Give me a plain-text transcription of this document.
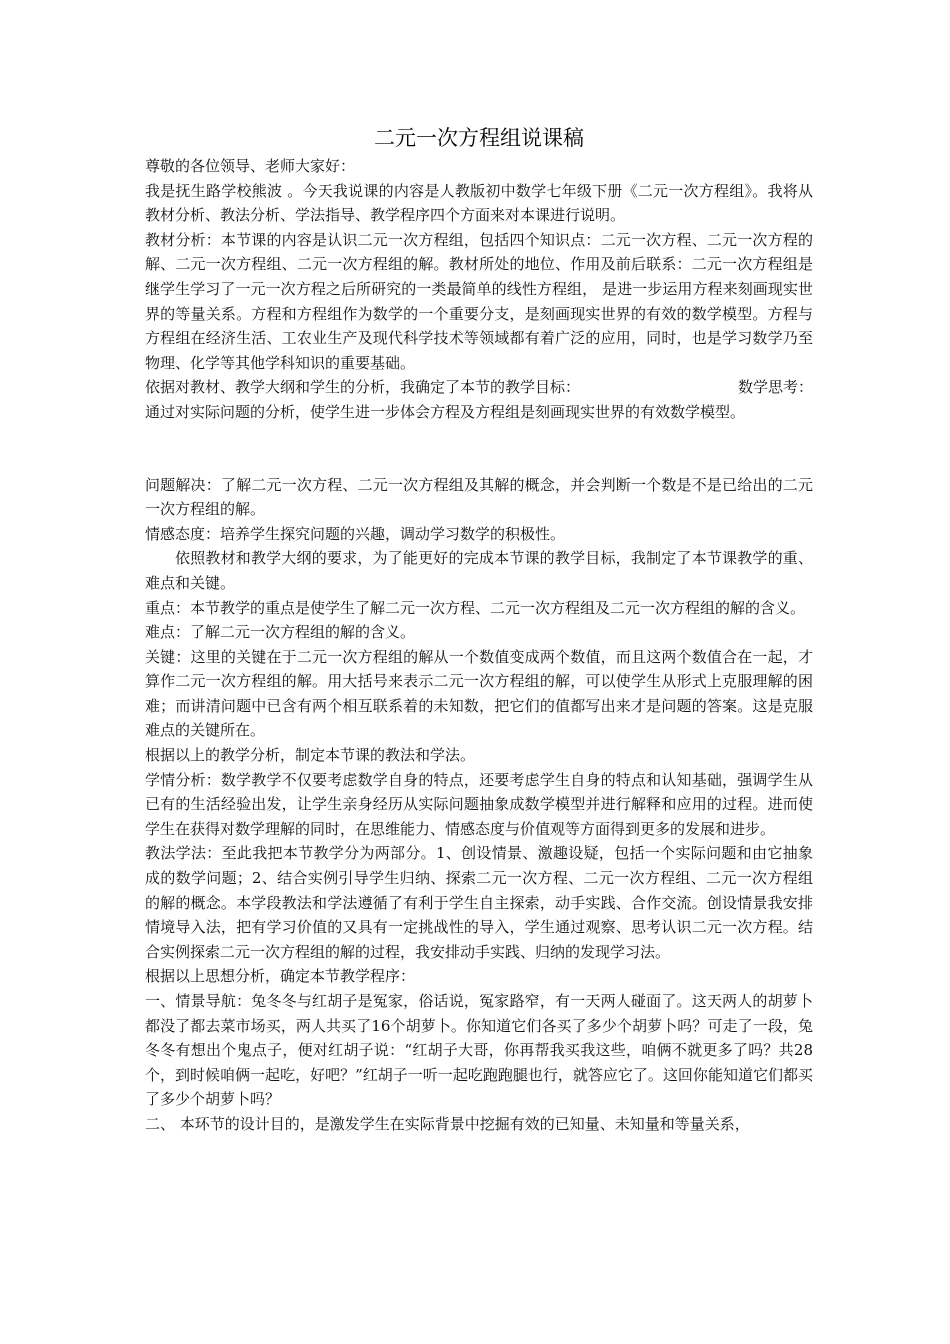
二元一次方程组说课稿

尊敬的各位领导、老师大家好：

我是抚生路学校熊波 。今天我说课的内容是人教版初中数学七年级下册《二元一次方程组》。我将从教材分析、教法分析、学法指导、教学程序四个方面来对本课进行说明。

教材分析：本节课的内容是认识二元一次方程组，包括四个知识点：二元一次方程、二元一次方程的解、二元一次方程组、二元一次方程组的解。教材所处的地位、作用及前后联系：二元一次方程组是继学生学习了一元一次方程之后所研究的一类最简单的线性方程组， 是进一步运用方程来刻画现实世界的等量关系。方程和方程组作为数学的一个重要分支，是刻画现实世界的有效的数学模型。方程与方程组在经济生活、工农业生产及现代科学技术等领域都有着广泛的应用，同时，也是学习数学乃至物理、化学等其他学科知识的重要基础。

依据对教材、教学大纲和学生的分析，我确定了本节的教学目标：	数学思考：

通过对实际问题的分析，使学生进一步体会方程及方程组是刻画现实世界的有效数学模型。

问题解决：了解二元一次方程、二元一次方程组及其解的概念，并会判断一个数是不是已给出的二元一次方程组的解。

情感态度：培养学生探究问题的兴趣，调动学习数学的积极性。

依照教材和教学大纲的要求，为了能更好的完成本节课的教学目标，我制定了本节课教学的重、难点和关键。

重点：本节教学的重点是使学生了解二元一次方程、二元一次方程组及二元一次方程组的解的含义。

难点：了解二元一次方程组的解的含义。

关键：这里的关键在于二元一次方程组的解从一个数值变成两个数值，而且这两个数值合在一起，才算作二元一次方程组的解。用大括号来表示二元一次方程组的解，可以使学生从形式上克服理解的困难；而讲清问题中已含有两个相互联系着的未知数，把它们的值都写出来才是问题的答案。这是克服难点的关键所在。

根据以上的教学分析，制定本节课的教法和学法。

学情分析：数学教学不仅要考虑数学自身的特点，还要考虑学生自身的特点和认知基础，强调学生从已有的生活经验出发，让学生亲身经历从实际问题抽象成数学模型并进行解释和应用的过程。进而使学生在获得对数学理解的同时，在思维能力、情感态度与价值观等方面得到更多的发展和进步。

教法学法：至此我把本节教学分为两部分。1、创设情景、激趣设疑，包括一个实际问题和由它抽象成的数学问题；2、结合实例引导学生归纳、探索二元一次方程、二元一次方程组、二元一次方程组的解的概念。本学段教法和学法遵循了有利于学生自主探索，动手实践、合作交流。创设情景我安排情境导入法，把有学习价值的又具有一定挑战性的导入，学生通过观察、思考认识二元一次方程。结合实例探索二元一次方程组的解的过程，我安排动手实践、归纳的发现学习法。

根据以上思想分析，确定本节教学程序：

一、情景导航：兔冬冬与红胡子是冤家，俗话说，冤家路窄，有一天两人碰面了。这天两人的胡萝卜都没了都去菜市场买，两人共买了16个胡萝卜。你知道它们各买了多少个胡萝卜吗？可走了一段，兔冬冬有想出个鬼点子，便对红胡子说：“红胡子大哥，你再帮我买我这些，咱俩不就更多了吗？共28个，到时候咱俩一起吃，好吧？”红胡子一听一起吃跑跑腿也行，就答应它了。这回你能知道它们都买了多少个胡萝卜吗？

二、 本环节的设计目的，是激发学生在实际背景中挖掘有效的已知量、未知量和等量关系，
